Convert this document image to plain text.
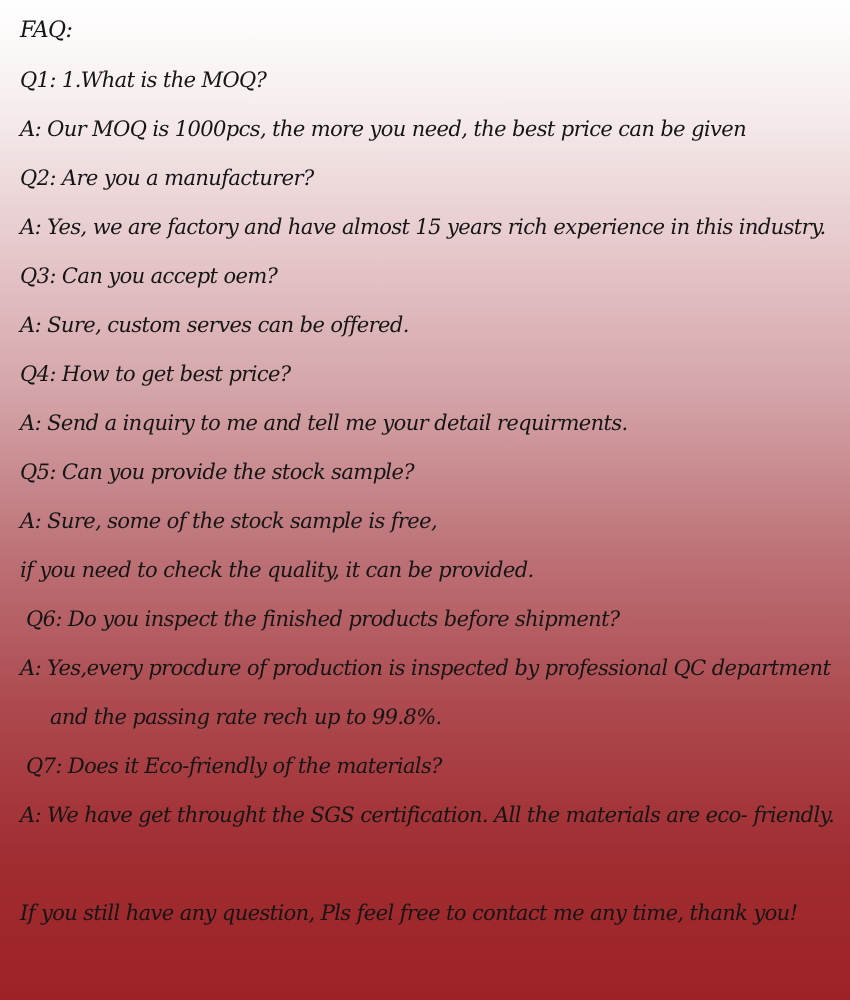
FAQ:
Q1: 1.What is the MOQ?
A: Our MOQ is 1000pcs, the more you need, the best price can be given
Q2: Are you a manufacturer?
A: Yes, we are factory and have almost 15 years rich experience in this industry.
Q3: Can you accept oem?
A: Sure, custom serves can be offered.
Q4: How to get best price?
A: Send a inquiry to me and tell me your detail requirments.
Q5: Can you provide the stock sample?
A: Sure, some of the stock sample is free,
if you need to check the quality, it can be provided.
Q6: Do you inspect the finished products before shipment?
A: Yes,every procdure of production is inspected by professional QC department
and the passing rate rech up to 99.8%.
Q7: Does it Eco-friendly of the materials?
A: We have get throught the SGS certification. All the materials are eco- friendly.
If you still have any question, Pls feel free to contact me any time, thank you!
